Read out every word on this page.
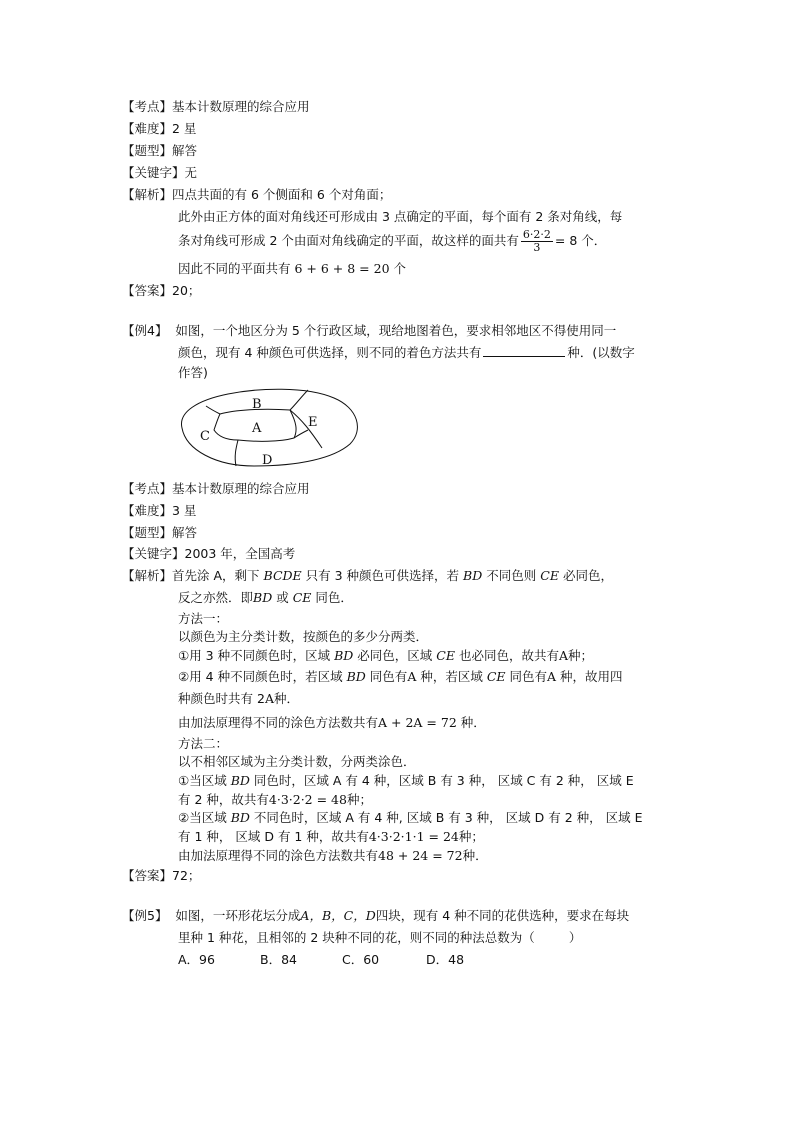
【考点】基本计数原理的综合应用
【难度】2 星
【题型】解答
【关键字】无
【解析】四点共面的有 6 个侧面和 6 个对角面；
此外由正方体的面对角线还可形成由 3 点确定的平面，每个面有 2 条对角线，每
条对角线可形成 2 个由面对角线确定的平面，故这样的面共有 $\frac{6\cdot 2\cdot 2}{3} = 8$ 个．
因此不同的平面共有 6 + 6 + 8 = 20 个
【答案】20；
【例4】 如图，一个地区分为 5 个行政区域，现给地图着色，要求相邻地区不得使用同一
颜色，现有 4 种颜色可供选择，则不同的着色方法共有	种．(以数字
作答)
B
A	E
C
D
【考点】基本计数原理的综合应用
【难度】3 星
【题型】解答
【关键字】2003 年，全国高考
【解析】首先涂 A，剩下 BCDE 只有 3 种颜色可供选择，若 BD 不同色则 CE 必同色，
反之亦然．即BD 或 CE 同色．
方法一：
以颜色为主分类计数，按颜色的多少分两类．
①用 3 种不同颜色时，区域 BD 必同色，区域 CE 也必同色，故共有A种；
②用 4 种不同颜色时，若区域 BD 同色有A 种，若区域 CE 同色有A 种，故用四
种颜色时共有 2A种．
由加法原理得不同的涂色方法数共有A + 2A = 72 种．
方法二：
以不相邻区域为主分类计数，分两类涂色．
①当区域 BD 同色时，区域 A 有 4 种，区域 B 有 3 种， 区域 C 有 2 种， 区域 E
有 2 种，故共有4·3·2·2 = 48种；
②当区域 BD 不同色时，区域 A 有 4 种, 区域 B 有 3 种， 区域 D 有 2 种， 区域 E
有 1 种， 区域 D 有 1 种，故共有4·3·2·1·1 = 24种；
由加法原理得不同的涂色方法数共有48 + 24 = 72种．
【答案】72；
【例5】 如图，一环形花坛分成A，B，C，D四块，现有 4 种不同的花供选种，要求在每块
里种 1 种花，且相邻的 2 块种不同的花，则不同的种法总数为（	）
A．96	B．84	C．60	D．48
